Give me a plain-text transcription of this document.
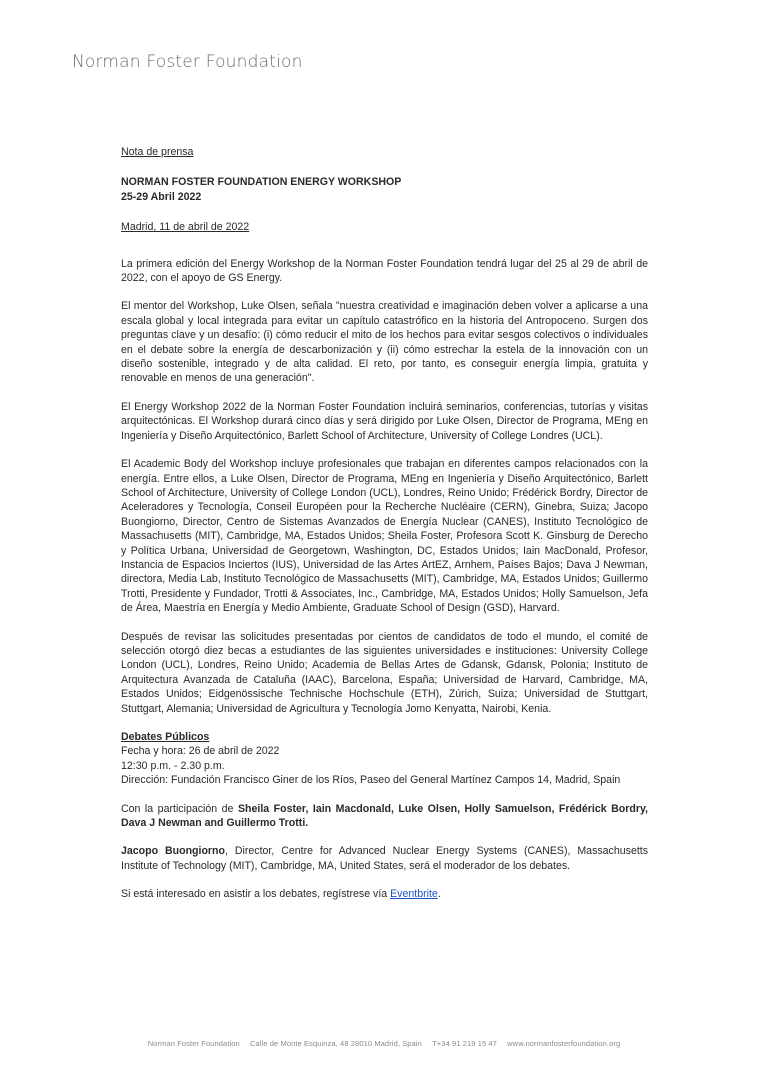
Norman Foster Foundation

Nota de prensa

NORMAN FOSTER FOUNDATION ENERGY WORKSHOP

25-29 Abril 2022

Madrid, 11 de abril de 2022

La primera edición del Energy Workshop de la Norman Foster Foundation tendrá lugar del 25 al 29 de abril de 2022, con el apoyo de GS Energy.

El mentor del Workshop, Luke Olsen, señala "nuestra creatividad e imaginación deben volver a aplicarse a una escala global y local integrada para evitar un capítulo catastrófico en la historia del Antropoceno. Surgen dos preguntas clave y un desafío: (i) cómo reducir el mito de los hechos para evitar sesgos colectivos o individuales en el debate sobre la energía de descarbonización y (ii) cómo estrechar la estela de la innovación con un diseño sostenible, integrado y de alta calidad. El reto, por tanto, es conseguir energía limpia, gratuita y renovable en menos de una generación".

El Energy Workshop 2022 de la Norman Foster Foundation incluirá seminarios, conferencias, tutorías y visitas arquitectónicas. El Workshop durará cinco días y será dirigido por Luke Olsen, Director de Programa, MEng en Ingeniería y Diseño Arquitectónico, Barlett School of Architecture, University of College Londres (UCL).

El Academic Body del Workshop incluye profesionales que trabajan en diferentes campos relacionados con la energía. Entre ellos, a Luke Olsen, Director de Programa, MEng en Ingeniería y Diseño Arquitectónico, Barlett School of Architecture, University of College London (UCL), Londres, Reino Unido; Frédérick Bordry, Director de Aceleradores y Tecnología, Conseil Européen pour la Recherche Nucléaire (CERN), Ginebra, Suiza; Jacopo Buongiorno, Director, Centro de Sistemas Avanzados de Energía Nuclear (CANES), Instituto Tecnológico de Massachusetts (MIT), Cambridge, MA, Estados Unidos; Sheila Foster, Profesora Scott K. Ginsburg de Derecho y Política Urbana, Universidad de Georgetown, Washington, DC, Estados Unidos; Iain MacDonald, Profesor, Instancia de Espacios Inciertos (IUS), Universidad de las Artes ArtEZ, Arnhem, Países Bajos; Dava J Newman, directora, Media Lab, Instituto Tecnológico de Massachusetts (MIT), Cambridge, MA, Estados Unidos; Guillermo Trotti, Presidente y Fundador, Trotti & Associates, Inc., Cambridge, MA, Estados Unidos; Holly Samuelson, Jefa de Área, Maestría en Energía y Medio Ambiente, Graduate School of Design (GSD), Harvard.

Después de revisar las solicitudes presentadas por cientos de candidatos de todo el mundo, el comité de selección otorgó diez becas a estudiantes de las siguientes universidades e instituciones: University College London (UCL), Londres, Reino Unido; Academia de Bellas Artes de Gdansk, Gdansk, Polonia; Instituto de Arquitectura Avanzada de Cataluña (IAAC), Barcelona, España; Universidad de Harvard, Cambridge, MA, Estados Unidos; Eidgenössische Technische Hochschule (ETH), Zúrich, Suiza; Universidad de Stuttgart, Stuttgart, Alemania; Universidad de Agricultura y Tecnología Jomo Kenyatta, Nairobi, Kenia.

Debates Públicos

Fecha y hora: 26 de abril de 2022

12:30 p.m. - 2.30 p.m.

Dirección: Fundación Francisco Giner de los Ríos, Paseo del General Martínez Campos 14, Madrid, Spain

Con la participación de Sheila Foster, Iain Macdonald, Luke Olsen, Holly Samuelson, Frédérick Bordry, Dava J Newman and Guillermo Trotti.

Jacopo Buongiorno, Director, Centre for Advanced Nuclear Energy Systems (CANES), Massachusetts Institute of Technology (MIT), Cambridge, MA, United States, será el moderador de los debates.

Si está interesado en asistir a los debates, regístrese vía Eventbrite.

Norman Foster Foundation Calle de Monte Esquinza, 48 28010 Madrid, Spain T+34 91 219 15 47 www.normanfosterfoundation.org
